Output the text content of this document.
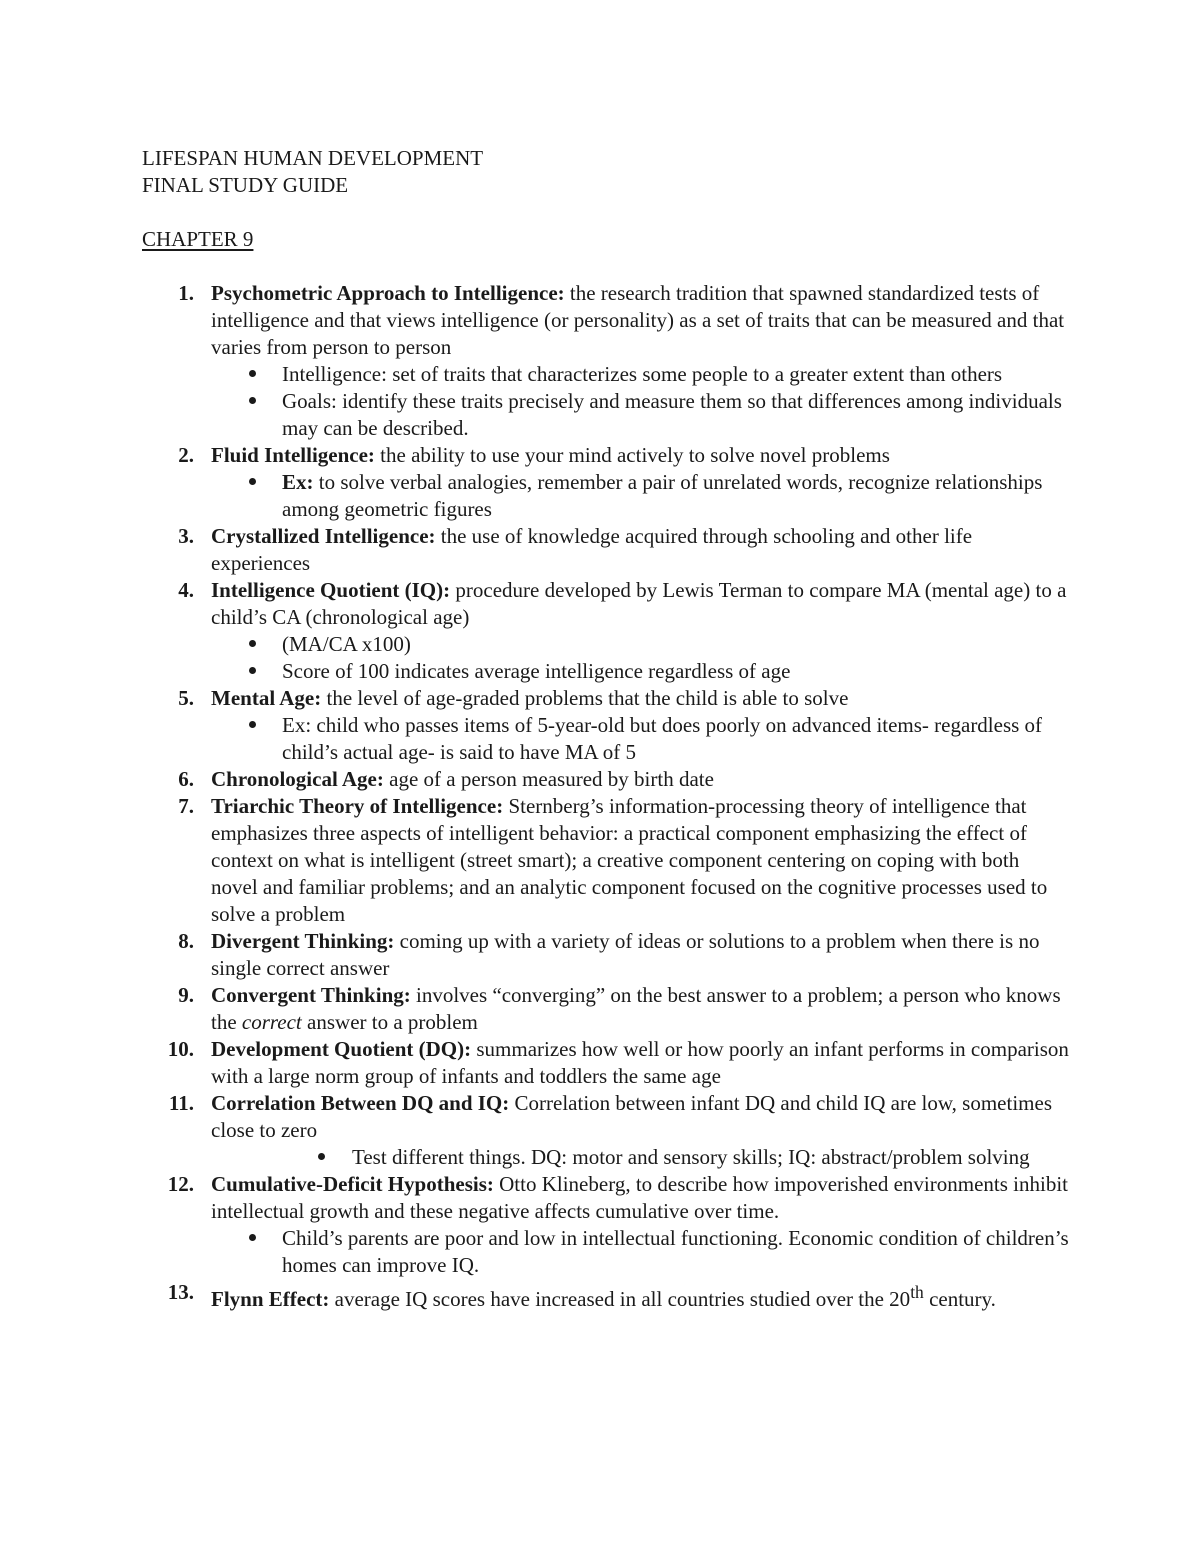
LIFESPAN HUMAN DEVELOPMENT
FINAL STUDY GUIDE
CHAPTER 9
1. Psychometric Approach to Intelligence: the research tradition that spawned standardized tests of intelligence and that views intelligence (or personality) as a set of traits that can be measured and that varies from person to person
Intelligence: set of traits that characterizes some people to a greater extent than others
Goals: identify these traits precisely and measure them so that differences among individuals may can be described.
2. Fluid Intelligence: the ability to use your mind actively to solve novel problems
Ex: to solve verbal analogies, remember a pair of unrelated words, recognize relationships among geometric figures
3. Crystallized Intelligence: the use of knowledge acquired through schooling and other life experiences
4. Intelligence Quotient (IQ): procedure developed by Lewis Terman to compare MA (mental age) to a child’s CA (chronological age)
(MA/CA x100)
Score of 100 indicates average intelligence regardless of age
5. Mental Age: the level of age-graded problems that the child is able to solve
Ex: child who passes items of 5-year-old but does poorly on advanced items- regardless of child’s actual age- is said to have MA of 5
6. Chronological Age: age of a person measured by birth date
7. Triarchic Theory of Intelligence: Sternberg’s information-processing theory of intelligence that emphasizes three aspects of intelligent behavior: a practical component emphasizing the effect of context on what is intelligent (street smart); a creative component centering on coping with both novel and familiar problems; and an analytic component focused on the cognitive processes used to solve a problem
8. Divergent Thinking: coming up with a variety of ideas or solutions to a problem when there is no single correct answer
9. Convergent Thinking: involves “converging” on the best answer to a problem; a person who knows the correct answer to a problem
10. Development Quotient (DQ): summarizes how well or how poorly an infant performs in comparison with a large norm group of infants and toddlers the same age
11. Correlation Between DQ and IQ: Correlation between infant DQ and child IQ are low, sometimes close to zero
Test different things. DQ: motor and sensory skills; IQ: abstract/problem solving
12. Cumulative-Deficit Hypothesis: Otto Klineberg, to describe how impoverished environments inhibit intellectual growth and these negative affects cumulative over time.
Child’s parents are poor and low in intellectual functioning. Economic condition of children’s homes can improve IQ.
13. Flynn Effect: average IQ scores have increased in all countries studied over the 20th century.
